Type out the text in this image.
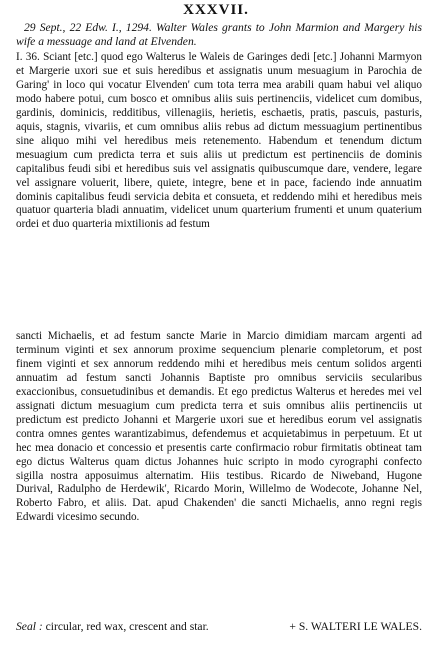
XXXVII.
29 Sept., 22 Edw. I., 1294. Walter Wales grants to John Marmion and Margery his wife a messuage and land at Elvenden.
I. 36. Sciant [etc.] quod ego Walterus le Waleis de Garinges dedi [etc.] Johanni Marmyon et Margerie uxori sue et suis heredibus et assignatis unum mesuagium in Parochia de Garing' in loco qui vocatur Elvenden' cum tota terra mea arabili quam habui vel aliquo modo habere potui, cum bosco et omnibus aliis suis pertinenciis, videlicet cum domibus, gardinis, dominicis, redditibus, villenagiis, herietis, eschaetis, pratis, pascuis, pasturis, aquis, stagnis, vivariis, et cum omnibus aliis rebus ad dictum messuagium pertinentibus sine aliquo mihi vel heredibus meis retenemento. Habendum et tenendum dictum mesuagium cum predicta terra et suis aliis ut predictum est pertinenciis de dominis capitalibus feudi sibi et heredibus suis vel assignatis quibuscumque dare, vendere, legare vel assignare voluerit, libere, quiete, integre, bene et in pace, faciendo inde annuatim dominis capitalibus feudi servicia debita et consueta, et reddendo mihi et heredibus meis quatuor quarteria bladi annuatim, videlicet unum quarterium frumenti et unum quaterium ordei et duo quarteria mixtilionis ad festum
sancti Michaelis, et ad festum sancte Marie in Marcio dimidiam marcam argenti ad terminum viginti et sex annorum proxime sequencium plenarie completorum, et post finem viginti et sex annorum reddendo mihi et heredibus meis centum solidos argenti annuatim ad festum sancti Johannis Baptiste pro omnibus serviciis secularibus exaccionibus, consuetudinibus et demandis. Et ego predictus Walterus et heredes mei vel assignati dictum mesuagium cum predicta terra et suis omnibus aliis pertinenciis ut predictum est predicto Johanni et Margerie uxori sue et heredibus eorum vel assignatis contra omnes gentes warantizabimus, defendemus et acquietabimus in perpetuum. Et ut hec mea donacio et concessio et presentis carte confirmacio robur firmitatis obtineat tam ego dictus Walterus quam dictus Johannes huic scripto in modo cyrographi confecto sigilla nostra apposuimus alternatim. Hiis testibus. Ricardo de Niweband, Hugone Durival, Radulpho de Herdewik', Ricardo Morin, Willelmo de Wodecote, Johanne Nel, Roberto Fabro, et aliis. Dat. apud Chakenden' die sancti Michaelis, anno regni regis Edwardi vicesimo secundo.
Seal : circular, red wax, crescent and star.	+ S. WALTERI LE WALES.
